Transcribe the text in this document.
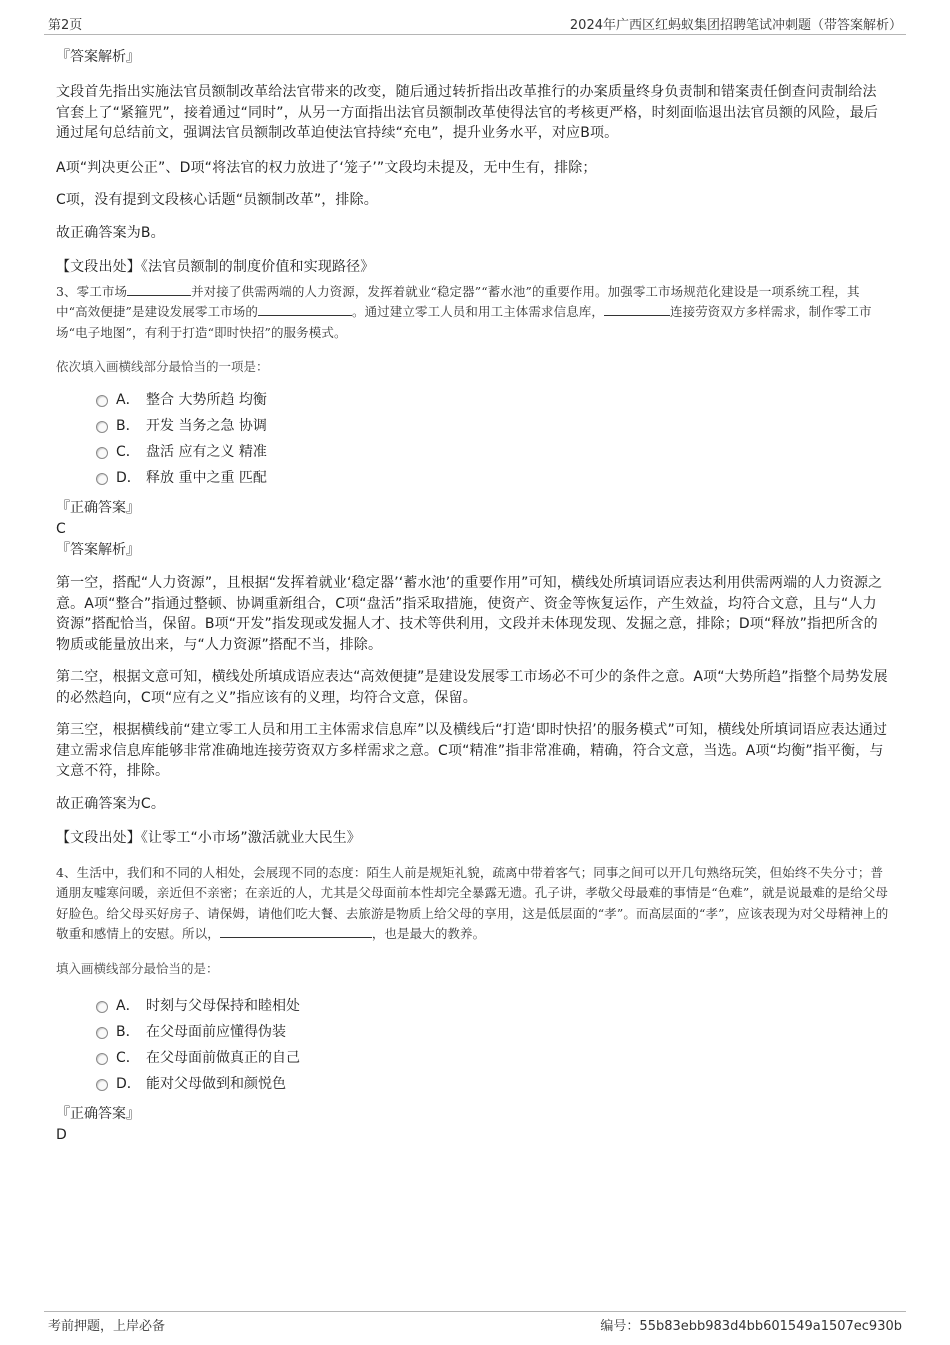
第2页	2024年广西区红蚂蚁集团招聘笔试冲刺题（带答案解析）
『答案解析』

文段首先指出实施法官员额制改革给法官带来的改变，随后通过转折指出改革推行的办案质量终身负责制和错案责任倒查问责制给法官套上了“紧箍咒”，接着通过“同时”，从另一方面指出法官员额制改革使得法官的考核更严格，时刻面临退出法官员额的风险，最后通过尾句总结前文，强调法官员额制改革迫使法官持续“充电”，提升业务水平，对应B项。

A项“判决更公正”、D项“将法官的权力放进了‘笼子’”文段均未提及，无中生有，排除；

C项，没有提到文段核心话题“员额制改革”，排除。

故正确答案为B。

【文段出处】《法官员额制的制度价值和实现路径》

3、零工市场	并对接了供需两端的人力资源，发挥着就业“稳定器”“蓄水池”的重要作用。加强零工市场规范化建设是一项系统工程，其中“高效便捷”是建设发展零工市场的	。通过建立零工人员和用工主体需求信息库，	连接劳资双方多样需求，制作零工市场“电子地图”，有利于打造“即时快招”的服务模式。

依次填入画横线部分最恰当的一项是：

A． 整合 大势所趋 均衡
B． 开发 当务之急 协调
C． 盘活 应有之义 精准
D． 释放 重中之重 匹配
『正确答案』

C

『答案解析』

第一空，搭配“人力资源”，且根据“发挥着就业‘稳定器’‘蓄水池’的重要作用”可知，横线处所填词语应表达利用供需两端的人力资源之意。A项“整合”指通过整顿、协调重新组合，C项“盘活”指采取措施，使资产、资金等恢复运作，产生效益，均符合文意，且与“人力资源”搭配恰当，保留。B项“开发”指发现或发掘人才、技术等供利用，文段并未体现发现、发掘之意，排除；D项“释放”指把所含的物质或能量放出来，与“人力资源”搭配不当，排除。

第二空，根据文意可知，横线处所填成语应表达“高效便捷”是建设发展零工市场必不可少的条件之意。A项“大势所趋”指整个局势发展的必然趋向，C项“应有之义”指应该有的义理，均符合文意，保留。

第三空，根据横线前“建立零工人员和用工主体需求信息库”以及横线后“打造‘即时快招’的服务模式”可知，横线处所填词语应表达通过建立需求信息库能够非常准确地连接劳资双方多样需求之意。C项“精准”指非常准确，精确，符合文意，当选。A项“均衡”指平衡，与文意不符，排除。

故正确答案为C。

【文段出处】《让零工“小市场”激活就业大民生》

4、生活中，我们和不同的人相处，会展现不同的态度：陌生人前是规矩礼貌，疏离中带着客气；同事之间可以开几句熟络玩笑，但始终不失分寸；普通朋友嘘寒问暖，亲近但不亲密；在亲近的人，尤其是父母面前本性却完全暴露无遗。孔子讲，孝敬父母最难的事情是“色难”，就是说最难的是给父母好脸色。给父母买好房子、请保姆，请他们吃大餐、去旅游是物质上给父母的享用，这是低层面的“孝”。而高层面的“孝”，应该表现为对父母精神上的敬重和感情上的安慰。所以，	，也是最大的教养。

填入画横线部分最恰当的是：

A． 时刻与父母保持和睦相处
B． 在父母面前应懂得伪装
C． 在父母面前做真正的自己
D． 能对父母做到和颜悦色
『正确答案』

D

考前押题，上岸必备	编号：55b83ebb983d4bb601549a1507ec930b
